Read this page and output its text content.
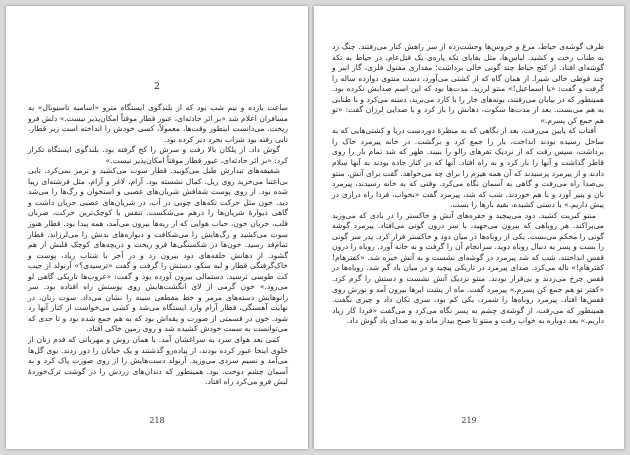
2

ساعت یازده و نیم شب بود که از بلندگوی ایستگاه مترو «اسامیه تاسیونال» به مسافران اعلام شد «بر اثر حادثه‌ای، عبور قطار موقتاً امکان‌پذیر نیست.» دلش فرو ریخت. می‌دانست اینطور وقت‌ها، معمولاً، کسی خودش را انداخته است زیر قطار. تایی رفته بود شراب بخرد دیر کرده بود.

گوش داد. از پلکان بالا رفت و سرش را کج گرفته بود. بلندگوی ایستگاه تکرار کرد: «بر اثر حادثه‌ای، عبور قطار موقتاً امکان‌پذیر نیست.»

شقیقه‌های تبدارش طبل می‌کوبید. قطار سوت می‌کشید و ترمز نمی‌کرد. تایی بی‌اعتنا می‌خزید روی ریل. کمال نشسته بود. آرام، لاغر و آرام، مثل فرشته‌ای زیبا شده بود. از روی پوست شفافش شریان‌های عصبی و استخوان و رگ‌ها را می‌شد دید. خون مثل حرکت تکه‌های چوبی در آب، در شریان‌های عصبی جریان داشت و گاهی دیوارهٔ شریان‌ها را درهم می‌شکست. تنفس با کوچک‌ترین حرکت، ضربان قلب، جریان خون، حباب هوایی که از ریه‌ها بیرون می‌آمد، همه پیدا بود. قطار هنوز سوت می‌کشید و رگ‌هایش را می‌شکافت و دیواره‌های بدنش را می‌لرزاند. قطار تمام‌قد رسید. خون‌ها در شکستگی‌ها فرو ریخت و دریچه‌های کوچک قلبش از هم گشود. از دهانش حلقه‌های دود بیرون زد و در آخر با شتاب زیاد، پوست و خاک‌گرفتگی قطار و لبه سکو. دستش را گرفت و گفت «ترسیدی؟» آرنولد از جیب کت طوسی ترسید. دستمالی بیرون آورده بود و گفت: «غروب‌ها تاریکی گاهی لو می‌رود.» خون گرمی از لای انگشت‌هایش روی پوستش راه افتاده بود. سر زانوهایش دسته‌های مرمر و خط مقطعی سینه را نشان می‌داد. سوت زنان، در نهایت آهستگی، قطار آرام وارد ایستگاه می‌شد و کسی می‌خواست از کنار آنها رد شود. خون در قسمتی از صورت و یقه‌اش بود که به هم جمع شده بود و تا حدی که می‌توانست به سمت خودش کشیده شد و روی زمین خاکی افتاد.

کمی بعد هوای سرد به سراغشان آمد. با همان روش و مهربانی که قدم زنان از جلوی اینجا عبور کرده بودند، از پیاده‌رو گذشتند و یک خیابان را دور زدند. بوی گل‌ها می‌آمد و نسیم سردی می‌وزید. آرنولد دست‌هایش را از روی صورت پاک کرد و به آسمان چشم دوخت. بود. همینطور که دندان‌های زردش را در گوشت ترک‌خوردهٔ لبش فرو می‌کرد راه افتاد.

218

طرف گوشه‌ی حیاط، مرغ و خروس‌ها وحشت‌زده از سر راهش کنار می‌رفتند. چنگ زد به طناب رخت و کشید. لباس‌ها، مثل بقایای تکه پاره‌ی یک قتل‌عام، در حیاط به تکه گوشه‌ای افتاد. از کنج حیاط چند گونی خالی برداشت؛ مقداری مفتول فلزی، گاز انبر و چند قوطی خالی شیرا. از همان گاه که از کشتی می‌آورد، دست منتوی دوازده ساله را گرفت و گفت: «یا اسماعیل!» منتو لرزید. مدت‌ها بود که این اسم صدایش نکرده بود. همینطور که در بیابان می‌رفتند، بوته‌های خار را با کارد می‌برید، دسته می‌کرد و با طنابی به هم می‌بست. بعد از مدت‌ها سکوت، دهانش را باز کرد و با صدایی لرزان گفت: «تو هم جمع کن پسرم.»

آفتاب که پایین می‌رفت، بعد از نگاهی که به منظرهٔ دوردست دریا و کشتی‌هایی که به ساحل رسیده بودند انداخت، بار را جمع کرد و برگشت. در خانه پیرمرد خاک را برداشت، سپس رفت که از نزدیک تفرهای زالو را ببیند. ظهر که شد تمام بار را روی قاطر گذاشت و آنها را بار کرد و به راه افتاد. آنها که در کنار جاده بودند به آنها سلام دادند و از پیرمرد پرسیدند که آن همه هیزم را برای چه می‌خواهد. گفت برای آتش. منتو بی‌صدا راه می‌رفت و گاهی به آسمان نگاه می‌کرد. وقتی که به خانه رسیدند، پیرمرد نان و پنیر آورد و با هم خوردند. شب که شد، پیرمرد گفت «بخواب، فردا راه درازی در پیش داریم.» با دستی کشیده، بقیه بارها را بست.

منتو کبریت کشید. دود می‌پیچید و حفره‌های آتش و خاکستر را در بادی که می‌وزید می‌پراکند. هر روباهی که بیرون می‌جهید، با سر درون گونی می‌افتاد. پیرمرد گوشه گونی را محکم می‌بست. یکی از روباه‌ها در میان دود و خاکستر فرار کرد. پدر سر گونی را بست و پسر به دنبال روباه دوید، سرانجام آن را گرفت و به خانه آورد. روباه را درون قفس انداختند. شب که شد پیرمرد در گوشه‌ای نشست و به آتش خیره شد. «کفترهام! کفترهام!» ناله می‌کرد. صدای پیرمرد در تاریکی پیچید و در میان باد گم شد. روباه‌ها در قفس چرخ می‌زدند و بی‌قرار بودند. منتو نزدیک آتش نشست و دستش را گرم کرد. «کفتر تو هم جمع کن پسرم.» پیرمرد گفت. ماه از پشت ابرها بیرون آمد و نورش روی قفس‌ها افتاد. پیرمرد روباه‌ها را شمرد، یکی کم بود، سری تکان داد و چیزی نگفت. همینطور که می‌رفت، از گوشه‌ی چشم به پسر نگاه می‌کرد و می‌گفت «فردا کار زیاد داریم.» بعد دوباره به خواب رفت و منتو تا صبح بیدار ماند و به صدای باد گوش داد.

219
